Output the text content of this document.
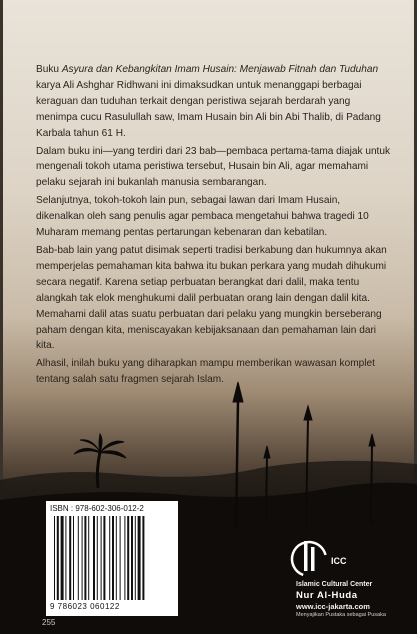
Buku Asyura dan Kebangkitan Imam Husain: Menjawab Fitnah dan Tuduhan karya Ali Ashghar Ridhwani ini dimaksudkan untuk menanggapi berbagai keraguan dan tuduhan terkait dengan peristiwa sejarah berdarah yang menimpa cucu Rasulullah saw, Imam Husain bin Ali bin Abi Thalib, di Padang Karbala tahun 61 H.

Dalam buku ini—yang terdiri dari 23 bab—pembaca pertama-tama diajak untuk mengenali tokoh utama peristiwa tersebut, Husain bin Ali, agar memahami pelaku sejarah ini bukanlah manusia sembarangan.

Selanjutnya, tokoh-tokoh lain pun, sebagai lawan dari Imam Husain, dikenalkan oleh sang penulis agar pembaca mengetahui bahwa tragedi 10 Muharam memang pentas pertarungan kebenaran dan kebatilan.

Bab-bab lain yang patut disimak seperti tradisi berkabung dan hukumnya akan memperjelas pemahaman kita bahwa itu bukan perkara yang mudah dihukumi secara negatif. Karena setiap perbuatan berangkat dari dalil, maka tentu alangkah tak elok menghukumi dalil perbuatan orang lain dengan dalil kita. Memahami dalil atas suatu perbuatan dari pelaku yang mungkin berseberang paham dengan kita, meniscayakan kebijaksanaan dan pemahaman lain dari kita.

Alhasil, inilah buku yang diharapkan mampu memberikan wawasan komplet tentang salah satu fragmen sejarah Islam.

ISBN : 978-602-306-012-2
9 786023 060122
255
ICC
Islamic Cultural Center
Nur Al-Huda
www.icc-jakarta.com
Menyajikan Pustaka sebagai Pusaka
